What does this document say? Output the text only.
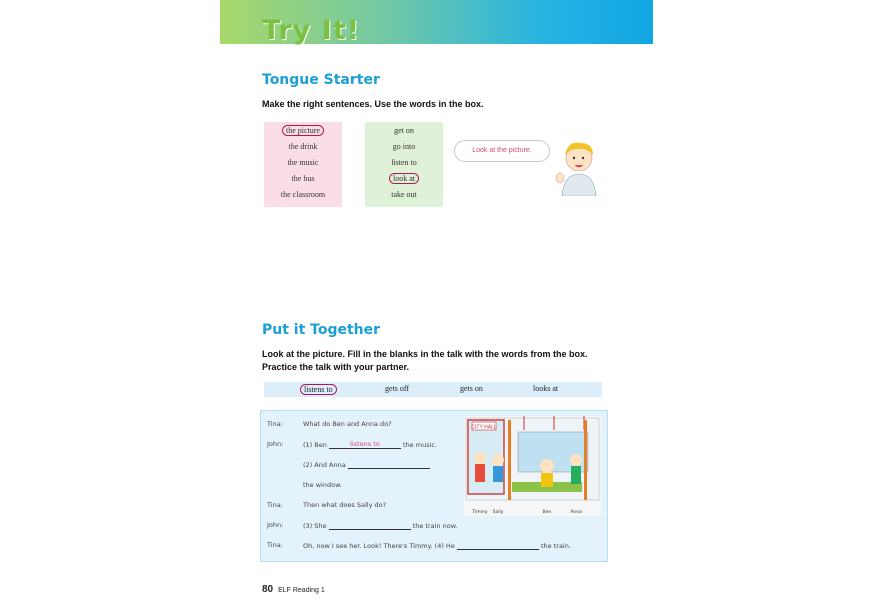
Try It!
Tongue Starter
Make the right sentences. Use the words in the box.
the picture
the drink
the music
the bus
the classroom
get on
go into
listen to
look at
take out
Look at the picture.
Put it Together
Look at the picture. Fill in the blanks in the talk with the words from the box.
Practice the talk with your partner.
listens to	gets off	gets on	looks at
Tina:	What do Ben and Anna do?
John:	(1) Ben	listens to	the music.
(2) And Anna
the window.
Tina:	Then what does Sally do?
John:	(3) She	the train now.
Tina:	Oh, now I see her. Look! There's Timmy. (4) He	the train.
CITY HALL
Timmy Sally	Ben	Anna
80 ELF Reading 1
